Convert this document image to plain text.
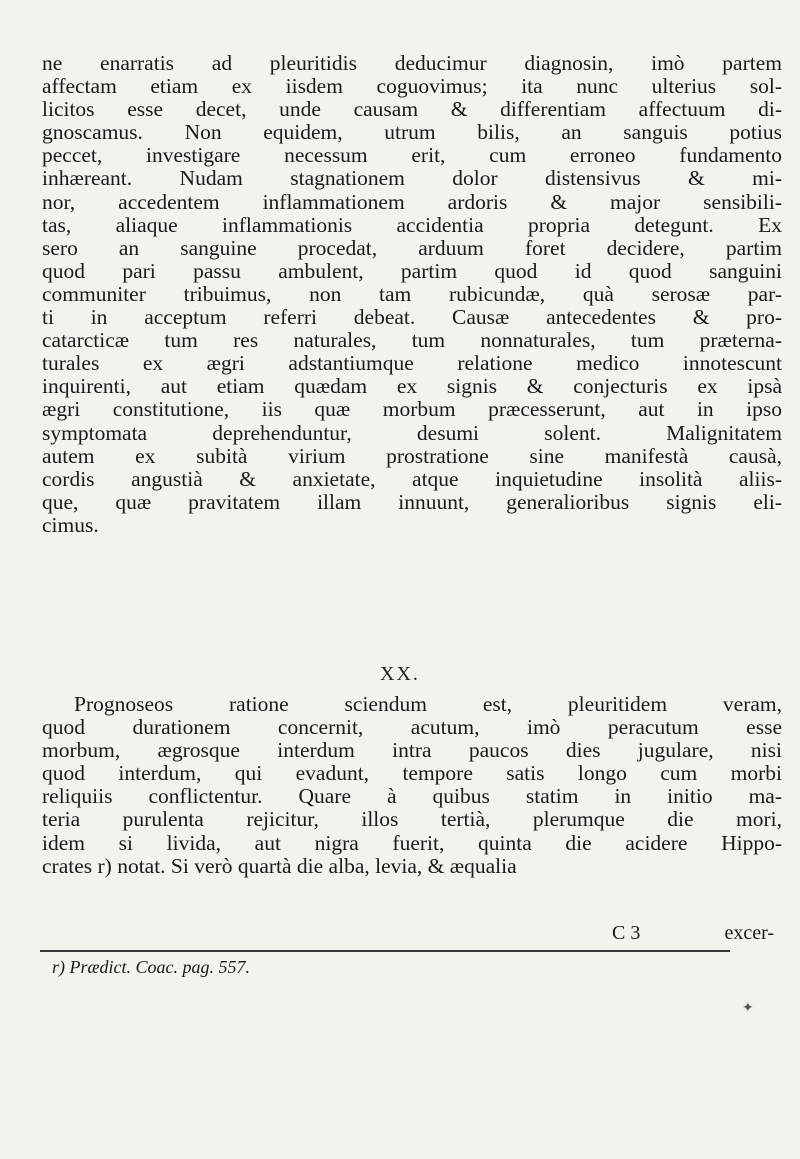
ne enarratis ad pleuritidis deducimur diagnosin, imò partem
affectam etiam ex iisdem coguovimus; ita nunc ulterius sol-
licitos esse decet, unde causam & differentiam affectuum di-
gnoscamus. Non equidem, utrum bilis, an sanguis potius
peccet, investigare necessum erit, cum erroneo fundamento
inhæreant. Nudam stagnationem dolor distensivus & mi-
nor, accedentem inflammationem ardoris & major sensibili-
tas, aliaque inflammationis accidentia propria detegunt. Ex
sero an sanguine procedat, arduum foret decidere, partim
quod pari passu ambulent, partim quod id quod sanguini
communiter tribuimus, non tam rubicundæ, quà serosæ par-
ti in acceptum referri debeat. Causæ antecedentes & pro-
catarcticæ tum res naturales, tum nonnaturales, tum præterna-
turales ex ægri adstantiumque relatione medico innotescunt
inquirenti, aut etiam quædam ex signis & conjecturis ex ipsà
ægri constitutione, iis quæ morbum præcesserunt, aut in ipso
symptomata deprehenduntur, desumi solent. Malignitatem
autem ex subità virium prostratione sine manifestà causà,
cordis angustià & anxietate, atque inquietudine insolità aliis-
que, quæ pravitatem illam innuunt, generalioribus signis eli-
cimus.
XX.
Prognoseos ratione sciendum est, pleuritidem veram,
quod durationem concernit, acutum, imò peracutum esse
morbum, ægrosque interdum intra paucos dies jugulare, nisi
quod interdum, qui evadunt, tempore satis longo cum morbi
reliquiis conflictentur. Quare à quibus statim in initio ma-
teria purulenta rejicitur, illos tertià, plerumque die mori,
idem si livida, aut nigra fuerit, quinta die acidere Hippo-
crates r) notat. Si verò quartà die alba, levia, & æqualia
C 3	excer-
r) Prædict. Coac. pag. 557.
✦
